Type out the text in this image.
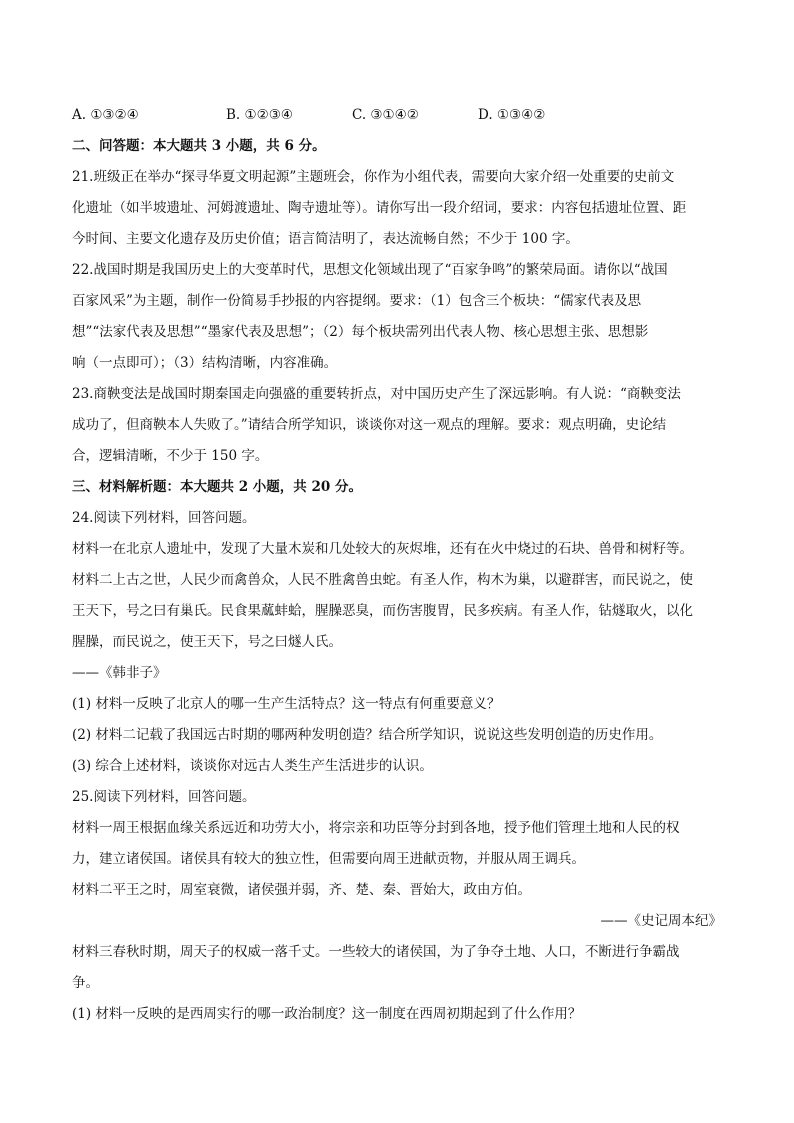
A. ①③②④	B. ①②③④	C. ③①④②	D. ①③④②
二、问答题：本大题共 3 小题，共 6 分。
21.班级正在举办“探寻华夏文明起源”主题班会，你作为小组代表，需要向大家介绍一处重要的史前文
化遗址（如半坡遗址、河姆渡遗址、陶寺遗址等）。请你写出一段介绍词，要求：内容包括遗址位置、距
今时间、主要文化遗存及历史价值；语言简洁明了，表达流畅自然；不少于 100 字。
22.战国时期是我国历史上的大变革时代，思想文化领域出现了“百家争鸣”的繁荣局面。请你以“战国
百家风采”为主题，制作一份简易手抄报的内容提纲。要求：（1）包含三个板块：“儒家代表及思
想”“法家代表及思想”“墨家代表及思想”；（2）每个板块需列出代表人物、核心思想主张、思想影
响（一点即可）；（3）结构清晰，内容准确。
23.商鞅变法是战国时期秦国走向强盛的重要转折点，对中国历史产生了深远影响。有人说：“商鞅变法
成功了，但商鞅本人失败了。”请结合所学知识，谈谈你对这一观点的理解。要求：观点明确，史论结
合，逻辑清晰，不少于 150 字。
三、材料解析题：本大题共 2 小题，共 20 分。
24.阅读下列材料，回答问题。
材料一在北京人遗址中，发现了大量木炭和几处较大的灰烬堆，还有在火中烧过的石块、兽骨和树籽等。
材料二上古之世，人民少而禽兽众，人民不胜禽兽虫蛇。有圣人作，构木为巢，以避群害，而民说之，使
王天下，号之曰有巢氏。民食果蓏蚌蛤，腥臊恶臭，而伤害腹胃，民多疾病。有圣人作，钻燧取火，以化
腥臊，而民说之，使王天下，号之曰燧人氏。
——《韩非子》
(1) 材料一反映了北京人的哪一生产生活特点？这一特点有何重要意义？
(2) 材料二记载了我国远古时期的哪两种发明创造？结合所学知识，说说这些发明创造的历史作用。
(3) 综合上述材料，谈谈你对远古人类生产生活进步的认识。
25.阅读下列材料，回答问题。
材料一周王根据血缘关系远近和功劳大小，将宗亲和功臣等分封到各地，授予他们管理土地和人民的权
力，建立诸侯国。诸侯具有较大的独立性，但需要向周王进献贡物，并服从周王调兵。
材料二平王之时，周室衰微，诸侯强并弱，齐、楚、秦、晋始大，政由方伯。
——《史记周本纪》
材料三春秋时期，周天子的权威一落千丈。一些较大的诸侯国，为了争夺土地、人口，不断进行争霸战
争。
(1) 材料一反映的是西周实行的哪一政治制度？这一制度在西周初期起到了什么作用？
